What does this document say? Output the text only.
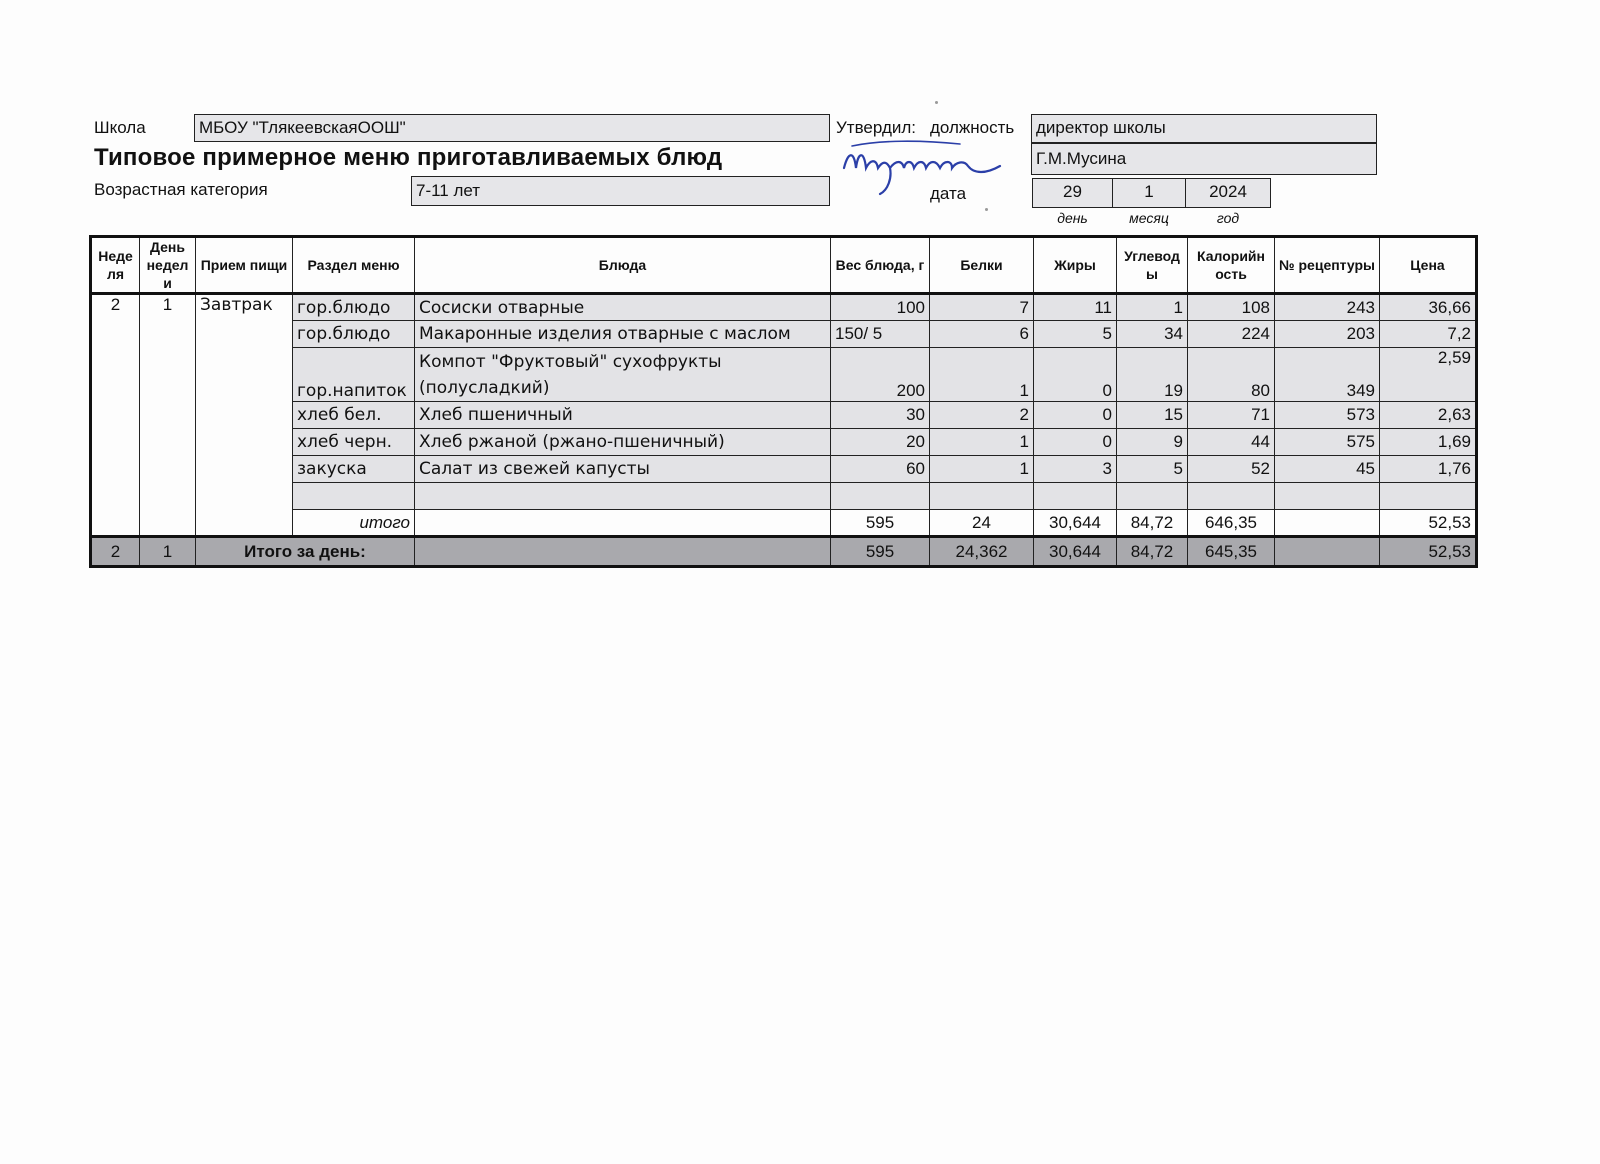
Школа	МБОУ "ТлякеевскаяООШ"	Утвердил: должность директор школы
Г.М.Мусина
Типовое примерное меню приготавливаемых блюд
Возрастная категория	7-11 лет	дата	29	1	2024
день	месяц	год
Неде ля	День недел и	Прием пищи	Раздел меню	Блюда	Вес блюда, г	Белки	Жиры	Углевод ы	Калорийн ость	№ рецептуры	Цена
2	1	Завтрак	гор.блюдо	Сосиски отварные	100	7	11	1	108	243	36,66
			гор.блюдо	Макаронные изделия отварные с маслом	150/ 5	6	5	34	224	203	7,2
			гор.напиток	Компот "Фруктовый" сухофрукты (полусладкий)	200	1	0	19	80	349	2,59
			хлеб бел.	Хлеб пшеничный	30	2	0	15	71	573	2,63
			хлеб черн.	Хлеб ржаной (ржано-пшеничный)	20	1	0	9	44	575	1,69
			закуска	Салат из свежей капусты	60	1	3	5	52	45	1,76

			итого		595	24	30,644	84,72	646,35		52,53
2	1	Итого за день:			595	24,362	30,644	84,72	645,35		52,53
